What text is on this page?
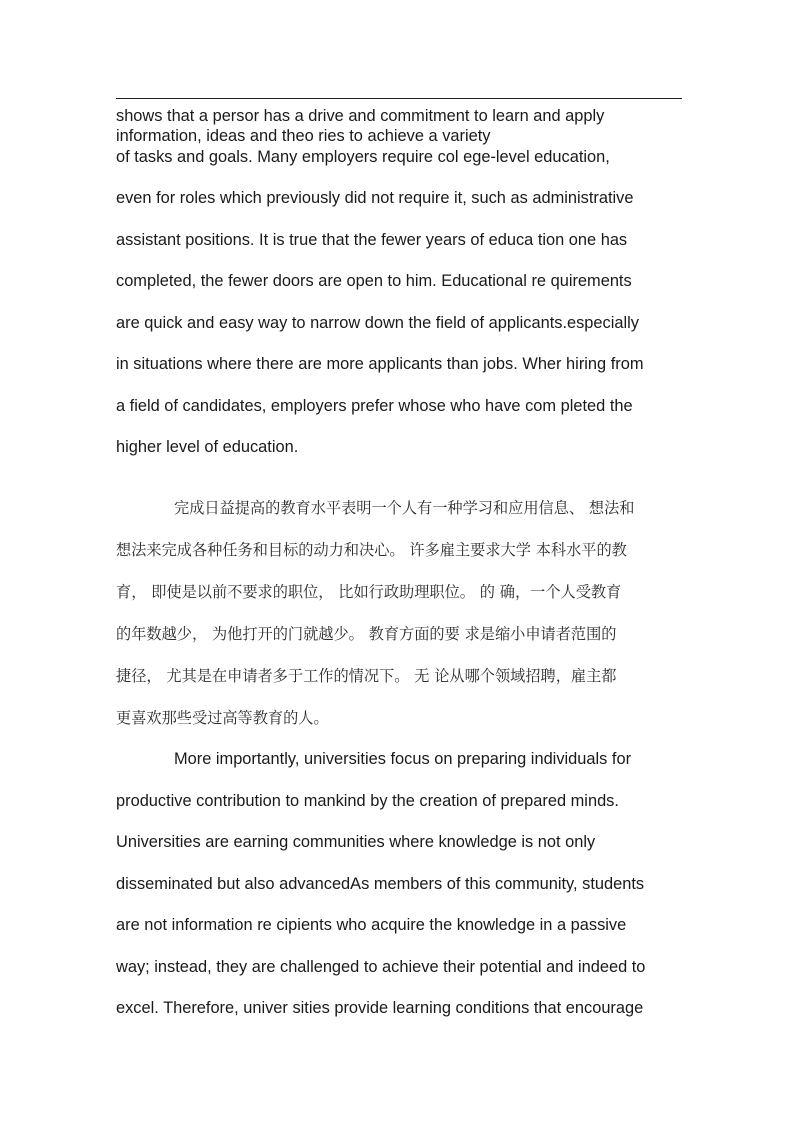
shows that a persor has a drive and commitment to learn and apply
information, ideas and theo ries to achieve a variety
of tasks and goals. Many employers require col ege-level education,
even for roles which previously did not require it, such as administrative
assistant positions. It is true that the fewer years of educa tion one has
completed, the fewer doors are open to him. Educational re quirements
are quick and easy way to narrow down the field of applicants.especially
in situations where there are more applicants than jobs. Wher hiring from
a field of candidates, employers prefer whose who have com pleted the
higher level of education.
完成日益提高的教育水平表明一个人有一种学习和应用信息、 想法和
想法来完成各种任务和目标的动力和决心。 许多雇主要求大学 本科水平的教
育， 即使是以前不要求的职位， 比如行政助理职位。 的 确，一个人受教育
的年数越少， 为他打开的门就越少。 教育方面的要 求是缩小申请者范围的
捷径， 尤其是在申请者多于工作的情况下。 无 论从哪个领域招聘，雇主都
更喜欢那些受过高等教育的人。
More importantly, universities focus on preparing individuals for
productive contribution to mankind by the creation of prepared minds.
Universities are earning communities where knowledge is not only
disseminated but also advancedAs members of this community, students
are not information re cipients who acquire the knowledge in a passive
way; instead, they are challenged to achieve their potential and indeed to
excel. Therefore, univer sities provide learning conditions that encourage
